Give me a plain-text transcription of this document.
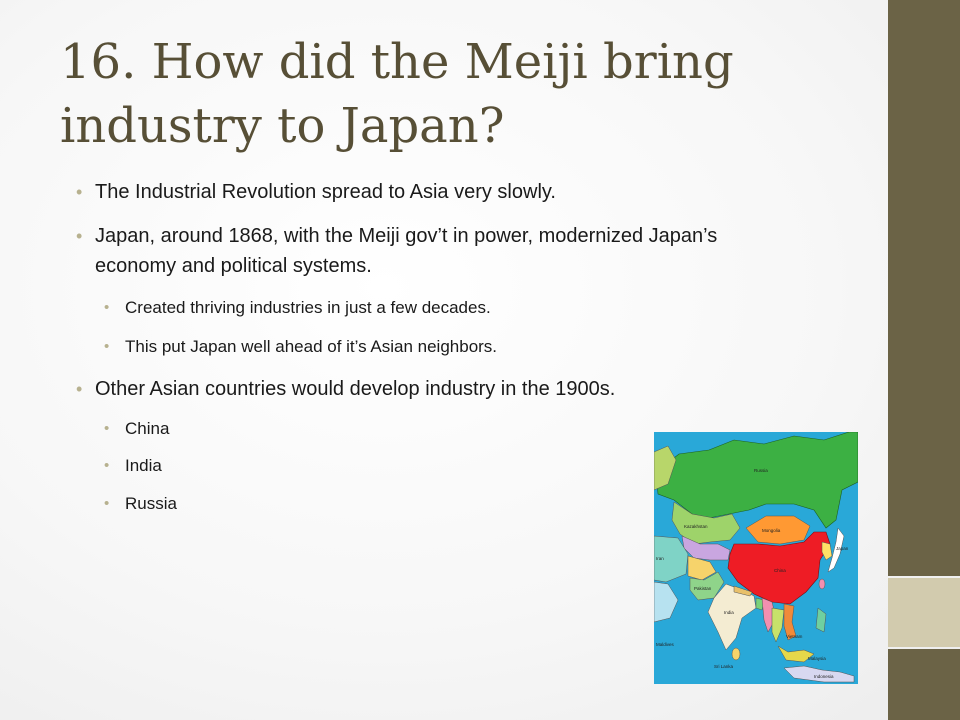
16. How did the Meiji bring industry to Japan?
• The Industrial Revolution spread to Asia very slowly.
• Japan, around 1868, with the Meiji gov’t in power, modernized Japan’s economy and political systems.
• Created thriving industries in just a few decades.
• This put Japan well ahead of it’s Asian neighbors.
• Other Asian countries would develop industry in the 1900s.
• China
• India
• Russia
Russia
Kazakhstan
Mongolia
China
India
Japan
Pakistan
Iran
Vietnam
Malaysia
Indonesia
Sri Lanka
Maldives
